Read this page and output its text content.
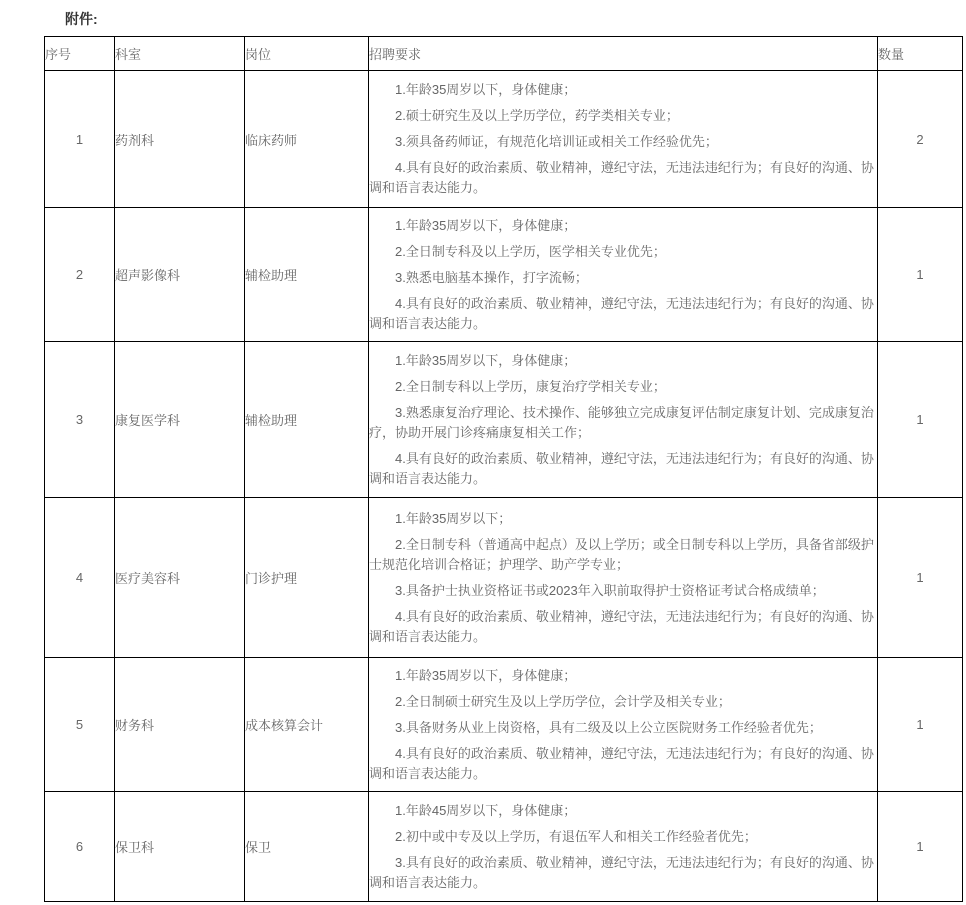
附件:
序号	科室	岗位	招聘要求	数量
1	药剂科	临床药师	1.年龄35周岁以下，身体健康；

2.硕士研究生及以上学历学位，药学类相关专业；

3.须具备药师证，有规范化培训证或相关工作经验优先；

4.具有良好的政治素质、敬业精神，遵纪守法，无违法违纪行为；有良好的沟通、协调和语言表达能力。	2
2	超声影像科	辅检助理	1.年龄35周岁以下，身体健康；

2.全日制专科及以上学历，医学相关专业优先；

3.熟悉电脑基本操作，打字流畅；

4.具有良好的政治素质、敬业精神，遵纪守法，无违法违纪行为；有良好的沟通、协调和语言表达能力。	1
3	康复医学科	辅检助理	1.年龄35周岁以下，身体健康；

2.全日制专科以上学历，康复治疗学相关专业；

3.熟悉康复治疗理论、技术操作、能够独立完成康复评估制定康复计划、完成康复治疗，协助开展门诊疼痛康复相关工作；

4.具有良好的政治素质、敬业精神，遵纪守法，无违法违纪行为；有良好的沟通、协调和语言表达能力。	1
4	医疗美容科	门诊护理	1.年龄35周岁以下；

2.全日制专科（普通高中起点）及以上学历；或全日制专科以上学历，具备省部级护士规范化培训合格证；护理学、助产学专业；

3.具备护士执业资格证书或2023年入职前取得护士资格证考试合格成绩单；

4.具有良好的政治素质、敬业精神，遵纪守法，无违法违纪行为；有良好的沟通、协调和语言表达能力。	1
5	财务科	成本核算会计	1.年龄35周岁以下，身体健康；

2.全日制硕士研究生及以上学历学位，会计学及相关专业；

3.具备财务从业上岗资格，具有二级及以上公立医院财务工作经验者优先；

4.具有良好的政治素质、敬业精神，遵纪守法，无违法违纪行为；有良好的沟通、协调和语言表达能力。	1
6	保卫科	保卫	1.年龄45周岁以下，身体健康；

2.初中或中专及以上学历，有退伍军人和相关工作经验者优先；

3.具有良好的政治素质、敬业精神，遵纪守法，无违法违纪行为；有良好的沟通、协调和语言表达能力。	1
